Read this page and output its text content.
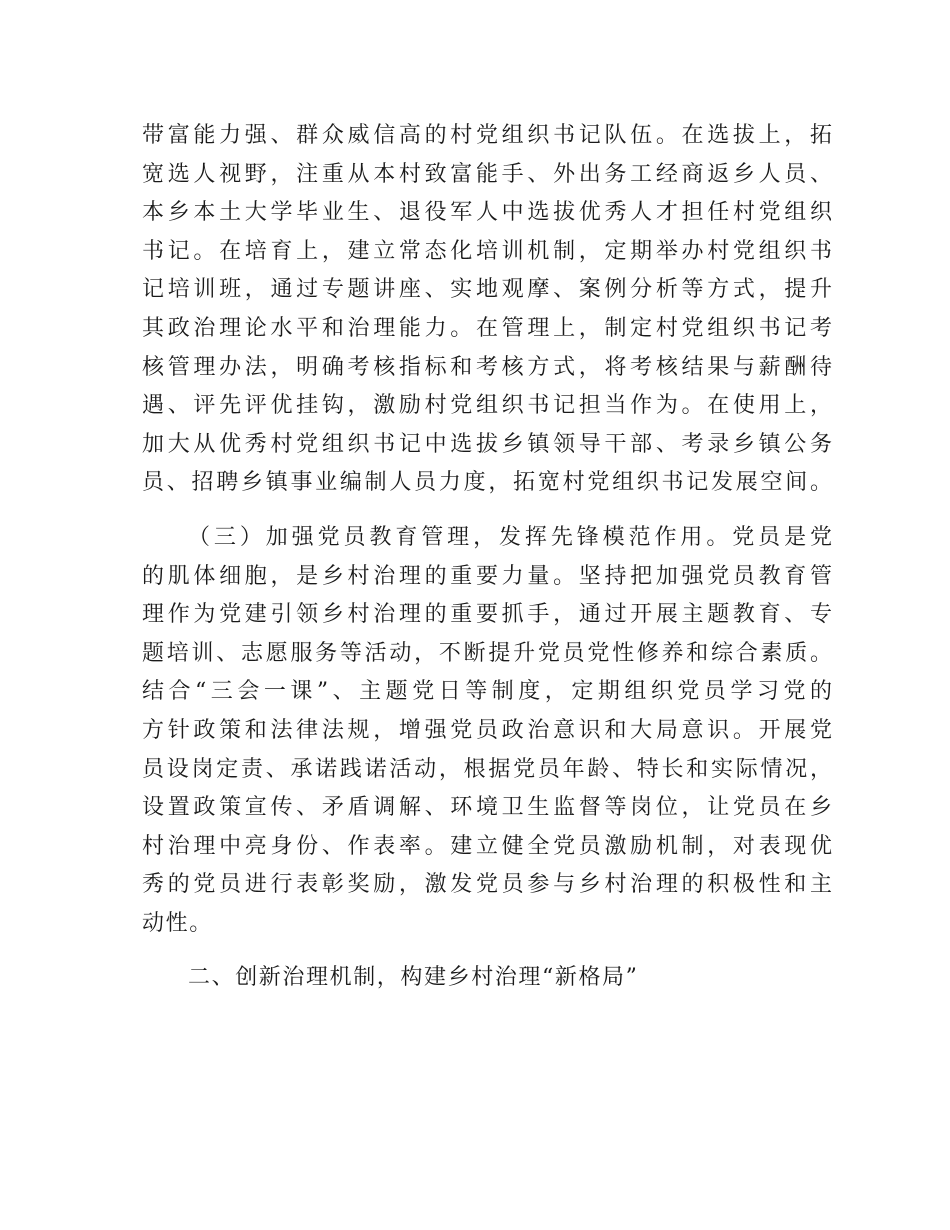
带富能力强、群众威信高的村党组织书记队伍。在选拔上，拓
宽选人视野，注重从本村致富能手、外出务工经商返乡人员、
本乡本土大学毕业生、退役军人中选拔优秀人才担任村党组织
书记。在培育上，建立常态化培训机制，定期举办村党组织书
记培训班，通过专题讲座、实地观摩、案例分析等方式，提升
其政治理论水平和治理能力。在管理上，制定村党组织书记考
核管理办法，明确考核指标和考核方式，将考核结果与薪酬待
遇、评先评优挂钩，激励村党组织书记担当作为。在使用上，
加大从优秀村党组织书记中选拔乡镇领导干部、考录乡镇公务
员、招聘乡镇事业编制人员力度，拓宽村党组织书记发展空间。
（三）加强党员教育管理，发挥先锋模范作用。党员是党
的肌体细胞，是乡村治理的重要力量。坚持把加强党员教育管
理作为党建引领乡村治理的重要抓手，通过开展主题教育、专
题培训、志愿服务等活动，不断提升党员党性修养和综合素质。
结合“三会一课”、主题党日等制度，定期组织党员学习党的
方针政策和法律法规，增强党员政治意识和大局意识。开展党
员设岗定责、承诺践诺活动，根据党员年龄、特长和实际情况，
设置政策宣传、矛盾调解、环境卫生监督等岗位，让党员在乡
村治理中亮身份、作表率。建立健全党员激励机制，对表现优
秀的党员进行表彰奖励，激发党员参与乡村治理的积极性和主
动性。
二、创新治理机制，构建乡村治理“新格局”
